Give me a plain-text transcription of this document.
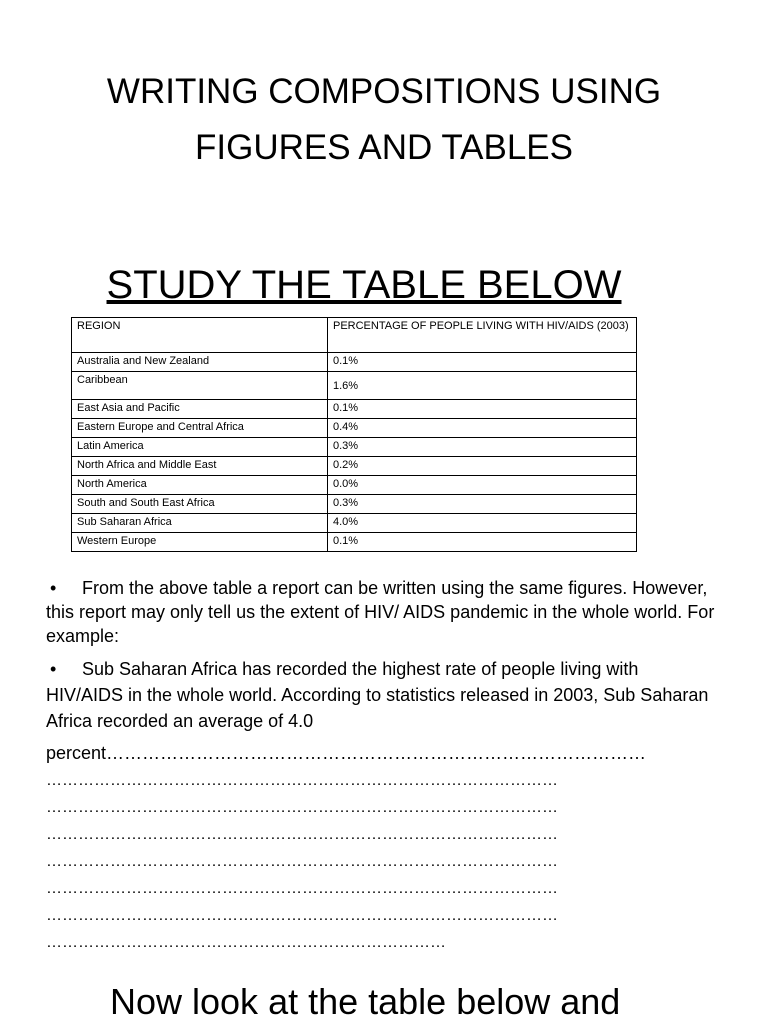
WRITING COMPOSITIONS USING
FIGURES AND TABLES
STUDY THE TABLE BELOW
REGION	PERCENTAGE OF PEOPLE LIVING WITH HIV/AIDS (2003)
Australia and New Zealand	0.1%
Caribbean	1.6%
East Asia and Pacific	0.1%
Eastern Europe and Central Africa	0.4%
Latin America	0.3%
North Africa and Middle East	0.2%
North America	0.0%
South and South East Africa	0.3%
Sub Saharan Africa	4.0%
Western Europe	0.1%

• From the above table a report can be written using the same figures. However, this report may only tell us the extent of HIV/ AIDS pandemic in the whole world. For example:

• Sub Saharan Africa has recorded the highest rate of people living with HIV/AIDS in the whole world. According to statistics released in 2003, Sub Saharan Africa recorded an average of 4.0

percent………………………………………………………………………………

……………………………………………………………………………………

……………………………………………………………………………………

……………………………………………………………………………………

……………………………………………………………………………………

……………………………………………………………………………………

……………………………………………………………………………………

…………………………………………………………………

Now look at the table below and
